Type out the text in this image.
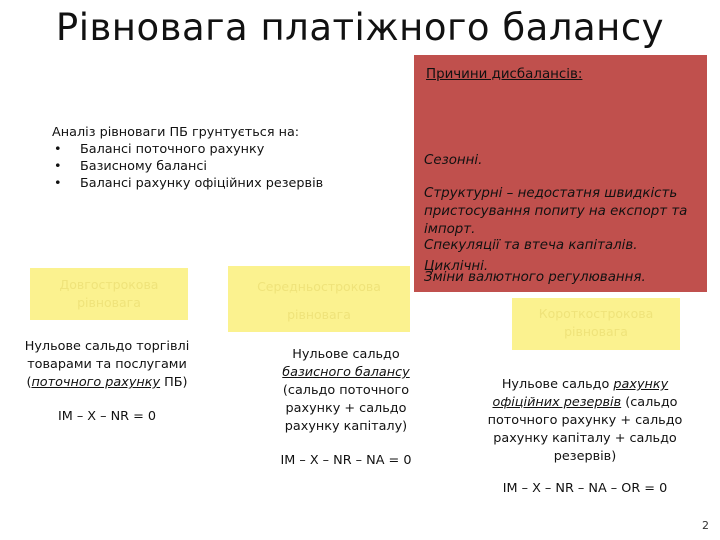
Рівновага платіжного балансу
Причини дисбалансів:
Сезонні.
Структурні – недостатня швидкість пристосування попиту на експорт та імпорт.
Циклічні.
Спекуляції та втеча капіталів.
Зміни валютного регулювання.
Аналіз рівноваги ПБ грунтується на:
• Балансі поточного рахунку
• Базисному балансі
• Балансі рахунку офіційних резервів
Довгострокова рівновага
Нульове сальдо торгівлі товарами та послугами (поточного рахунку ПБ)
IM – X – NR = 0
Середньострокова
рівновага
Нульове сальдо
базисного балансу
(сальдо поточного рахунку + сальдо рахунку капіталу)
IM – X – NR – NA = 0
Короткострокова рівновага
Нульове сальдо рахунку офіційних резервів (сальдо поточного рахунку + сальдо рахунку капіталу + сальдо резервів)
IM – X – NR – NA – OR = 0
2
